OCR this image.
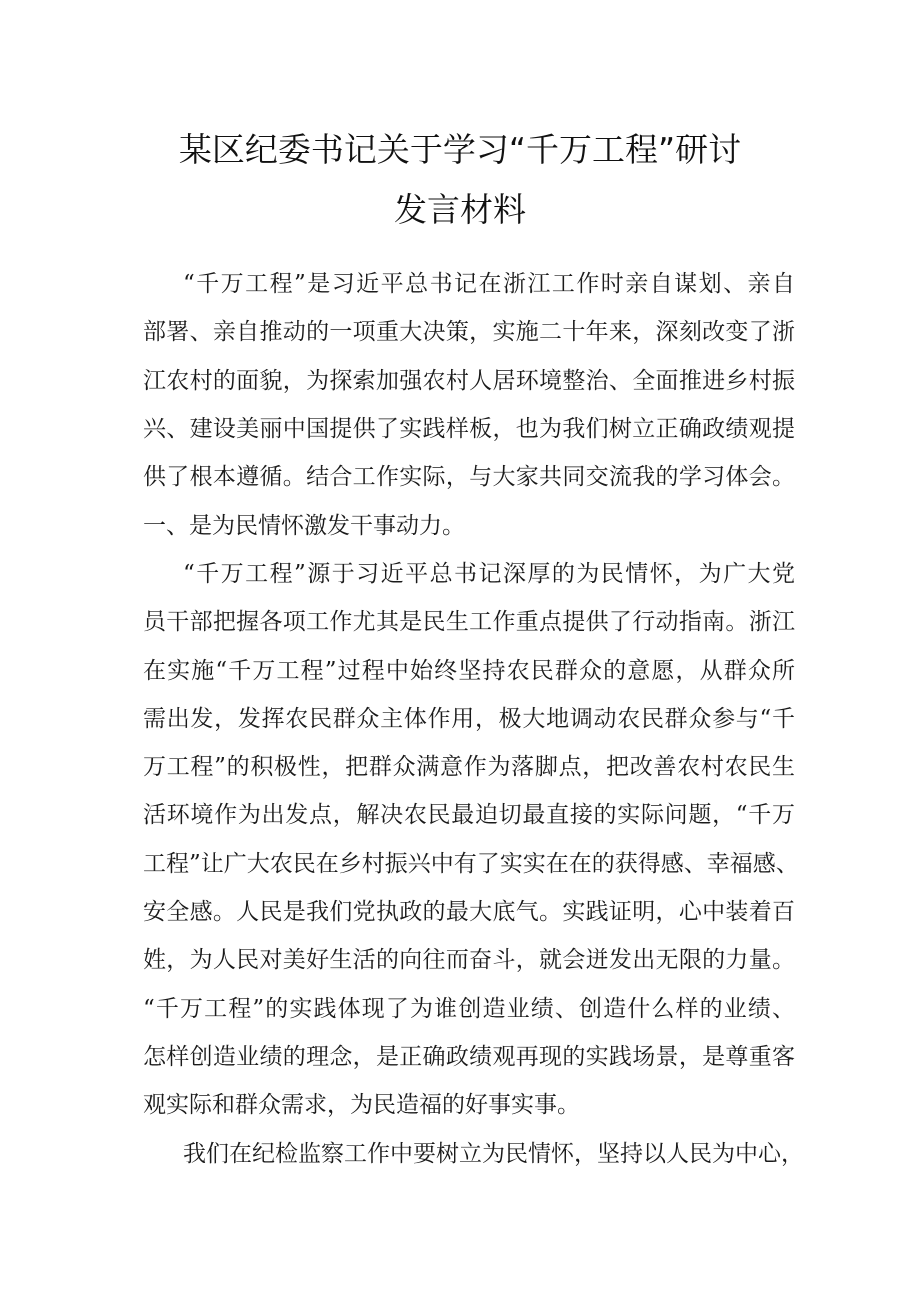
某区纪委书记关于学习“千万工程”研讨
发言材料
“千万工程”是习近平总书记在浙江工作时亲自谋划、亲自
部署、亲自推动的一项重大决策，实施二十年来，深刻改变了浙
江农村的面貌，为探索加强农村人居环境整治、全面推进乡村振
兴、建设美丽中国提供了实践样板，也为我们树立正确政绩观提
供了根本遵循。结合工作实际，与大家共同交流我的学习体会。
一、是为民情怀激发干事动力。
“千万工程”源于习近平总书记深厚的为民情怀，为广大党
员干部把握各项工作尤其是民生工作重点提供了行动指南。浙江
在实施“千万工程”过程中始终坚持农民群众的意愿，从群众所
需出发，发挥农民群众主体作用，极大地调动农民群众参与“千
万工程”的积极性，把群众满意作为落脚点，把改善农村农民生
活环境作为出发点，解决农民最迫切最直接的实际问题，“千万
工程”让广大农民在乡村振兴中有了实实在在的获得感、幸福感、
安全感。人民是我们党执政的最大底气。实践证明，心中装着百
姓，为人民对美好生活的向往而奋斗，就会迸发出无限的力量。
“千万工程”的实践体现了为谁创造业绩、创造什么样的业绩、
怎样创造业绩的理念，是正确政绩观再现的实践场景，是尊重客
观实际和群众需求，为民造福的好事实事。
我们在纪检监察工作中要树立为民情怀，坚持以人民为中心，
